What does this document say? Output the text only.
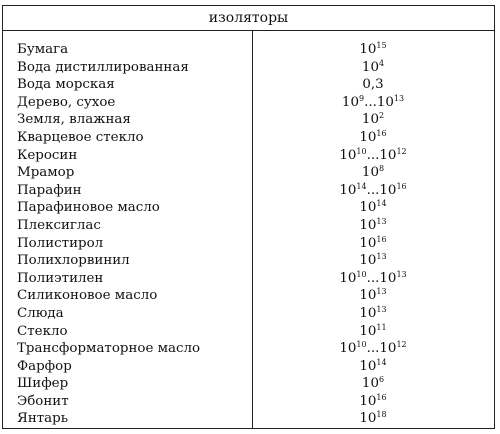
изоляторы
Бумага	$10^{15}$
Вода дистиллированная	$10^4$
Вода морская	0,3
Дерево, сухое	$10^9...10^{13}$
Земля, влажная	$10^2$
Кварцевое стекло	$10^{16}$
Керосин	$10^{10}...10^{12}$
Мрамор	$10^8$
Парафин	$10^{14}...10^{16}$
Парафиновое масло	$10^{14}$
Плексиглас	$10^{13}$
Полистирол	$10^{16}$
Полихлорвинил	$10^{13}$
Полиэтилен	$10^{10}...10^{13}$
Силиконовое масло	$10^{13}$
Слюда	$10^{13}$
Стекло	$10^{11}$
Трансформаторное масло	$10^{10}...10^{12}$
Фарфор	$10^{14}$
Шифер	$10^6$
Эбонит	$10^{16}$
Янтарь	$10^{18}$
